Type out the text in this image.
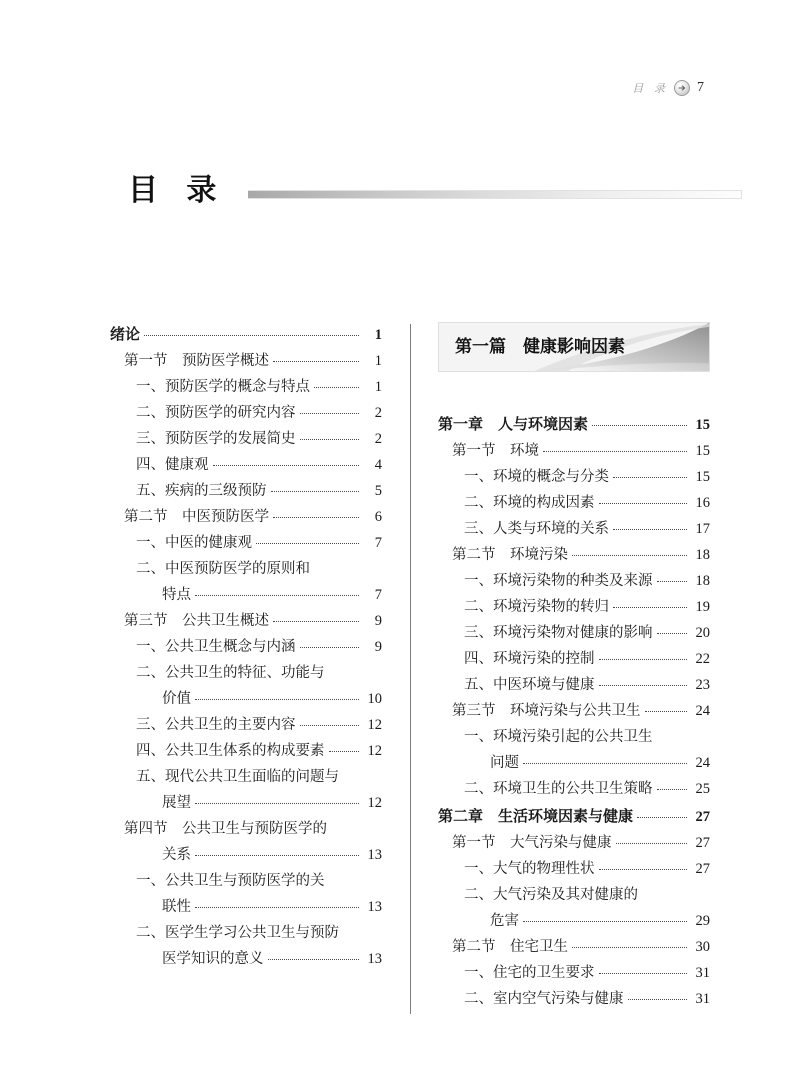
目 录 7
目 录
绪论	1
第一节 　预防医学概述	1
一、 预防医学的概念与特点	1
二、 预防医学的研究内容	2
三、 预防医学的发展简史	2
四、 健康观	4
五、 疾病的三级预防	5
第二节 　中医预防医学	6
一、 中医的健康观	7
二、 中医预防医学的原则和
特点	7
第三节 　公共卫生概述	9
一、 公共卫生概念与内涵	9
二、 公共卫生的特征、功能与
价值	10
三、 公共卫生的主要内容	12
四、 公共卫生体系的构成要素	12
五、 现代公共卫生面临的问题与
展望	12
第四节 　公共卫生与预防医学的
关系	13
一、 公共卫生与预防医学的关
联性	13
二、 医学生学习公共卫生与预防
医学知识的意义	13
第一篇　健康影响因素
第一章 　人与环境因素	15
第一节 　环境	15
一、 环境的概念与分类	15
二、 环境的构成因素	16
三、 人类与环境的关系	17
第二节 　环境污染	18
一、 环境污染物的种类及来源	18
二、 环境污染物的转归	19
三、 环境污染物对健康的影响	20
四、 环境污染的控制	22
五、 中医环境与健康	23
第三节 　环境污染与公共卫生	24
一、 环境污染引起的公共卫生
问题	24
二、 环境卫生的公共卫生策略	25
第二章 　生活环境因素与健康	27
第一节 　大气污染与健康	27
一、 大气的物理性状	27
二、 大气污染及其对健康的
危害	29
第二节 　住宅卫生	30
一、 住宅的卫生要求	31
二、 室内空气污染与健康	31
